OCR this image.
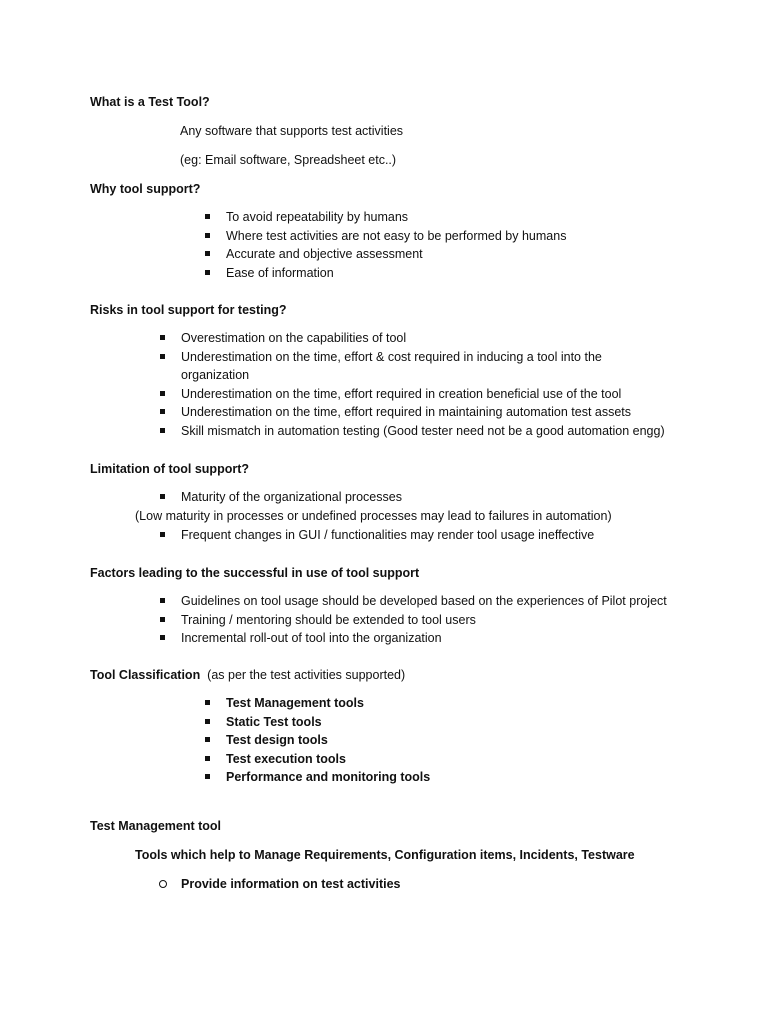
What is a Test Tool?
Any software that supports test activities
(eg: Email software, Spreadsheet etc..)
Why tool support?
To avoid repeatability by humans
Where test activities are not easy to be performed by humans
Accurate and objective assessment
Ease of information
Risks in tool support for testing?
Overestimation on the capabilities of tool
Underestimation on the time, effort & cost required in inducing a tool into the
organization
Underestimation on the time, effort required in creation beneficial use of the tool
Underestimation on the time, effort required in maintaining automation test assets
Skill mismatch in automation testing (Good tester need not be a good automation engg)
Limitation of tool support?
Maturity of the organizational processes
(Low maturity in processes or undefined processes may lead to failures in automation)
Frequent changes in GUI / functionalities may render tool usage ineffective
Factors leading to the successful in use of tool support
Guidelines on tool usage should be developed based on the experiences of Pilot project
Training / mentoring should be extended to tool users
Incremental roll-out of tool into the organization
Tool Classification (as per the test activities supported)
Test Management tools
Static Test tools
Test design tools
Test execution tools
Performance and monitoring tools
Test Management tool
Tools which help to Manage Requirements, Configuration items, Incidents, Testware
Provide information on test activities
